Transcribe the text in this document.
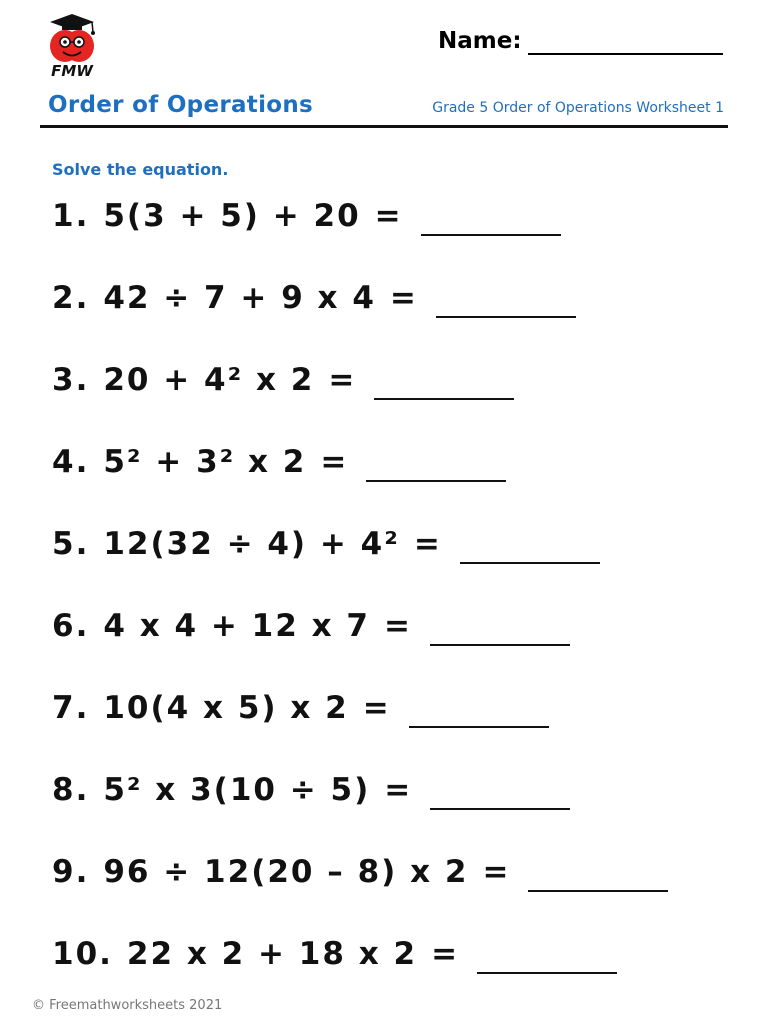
FMW
Name:
Order of Operations	Grade 5 Order of Operations Worksheet 1
Solve the equation.
1. 5(3 + 5) + 20 =
2. 42 ÷ 7 + 9 x 4 =
3. 20 + 4² x 2 =
4. 5² + 3² x 2 =
5. 12(32 ÷ 4) + 4² =
6. 4 x 4 + 12 x 7 =
7. 10(4 x 5) x 2 =
8. 5² x 3(10 ÷ 5) =
9. 96 ÷ 12(20 – 8) x 2 =
10. 22 x 2 + 18 x 2 =
© Freemathworksheets 2021
